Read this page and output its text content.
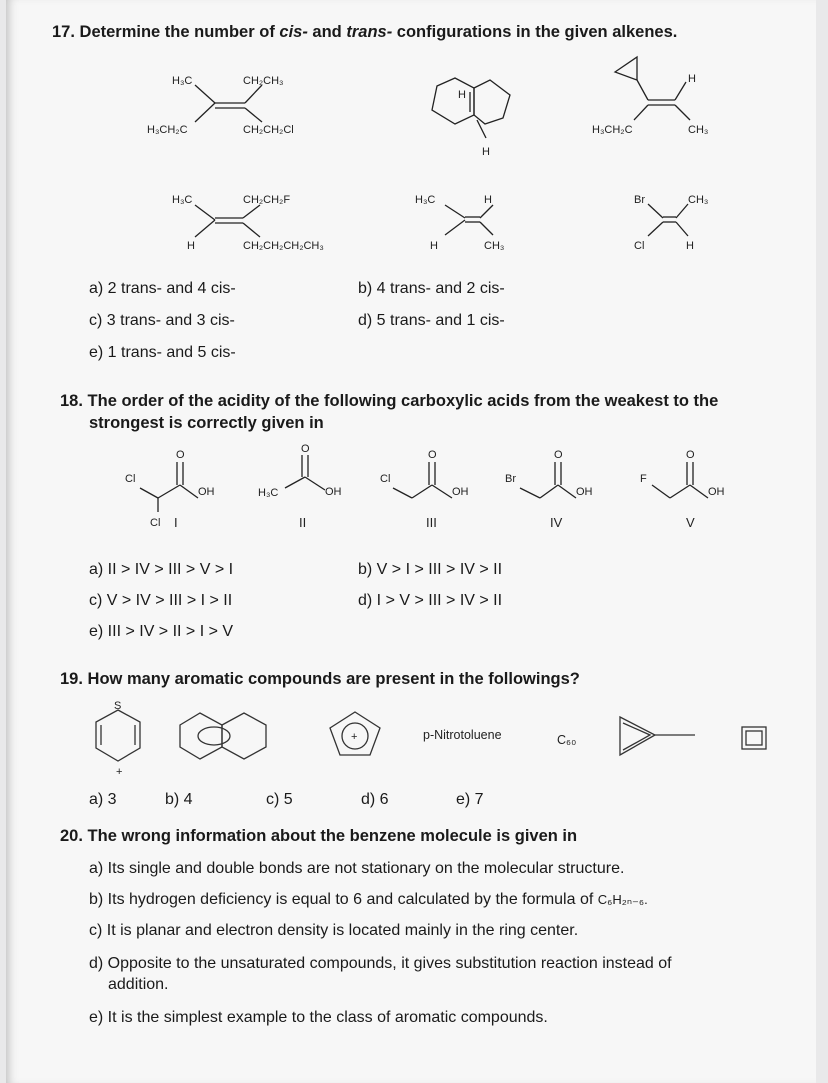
17. Determine the number of cis- and trans- configurations in the given alkenes.
H₃C	CH₂CH₃
H₃CH₂C	CH₂CH₂Cl
H
H
H
H₃CH₂C	CH₃
H₃C	CH₂CH₂F
H	CH₂CH₂CH₂CH₃
H₃C	H
H	CH₃
Br	CH₃
Cl	H
a) 2 trans- and 4 cis-	b) 4 trans- and 2 cis-
c) 3 trans- and 3 cis-	d) 5 trans- and 1 cis-
e) 1 trans- and 5 cis-
18. The order of the acidity of the following carboxylic acids from the weakest to the
strongest is correctly given in
Cl
OH
Cl
O
H₃C	OH
O
Cl
OH
O
Br
OH
O
F
OH
O
I	II	III	IV	V
a) II > IV > III > V > I	b) V > I > III > IV > II
c) V > IV > III > I > II	d) I > V > III > IV > II
e) III > IV > II > I > V
19. How many aromatic compounds are present in the followings?
S
+
+	p-Nitrotoluene	C₆₀
a) 3	b) 4	c) 5	d) 6	e) 7
20. The wrong information about the benzene molecule is given in
a) Its single and double bonds are not stationary on the molecular structure.
b) Its hydrogen deficiency is equal to 6 and calculated by the formula of C₆H₂ₙ₋₆.
c) It is planar and electron density is located mainly in the ring center.
d) Opposite to the unsaturated compounds, it gives substitution reaction instead of
addition.
e) It is the simplest example to the class of aromatic compounds.
